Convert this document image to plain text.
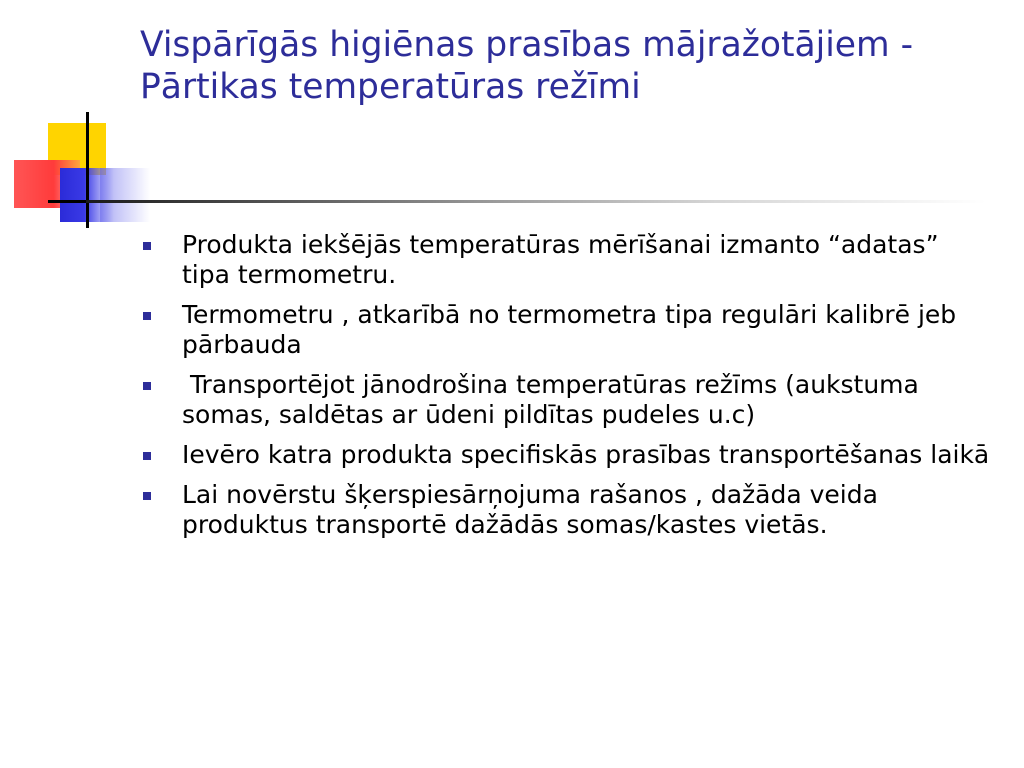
Vispārīgās higiēnas prasības mājražotājiem -Pārtikas temperatūras režīmi
Produkta iekšējās temperatūras mērīšanai izmanto “adatas” tipa termometru.
Termometru , atkarībā no termometra tipa regulāri kalibrē jeb pārbauda
Transportējot jānodrošina temperatūras režīms (aukstuma somas, saldētas ar ūdeni pildītas pudeles u.c)
Ievēro katra produkta specifiskās prasības transportēšanas laikā
Lai novērstu šķerspiesārņojuma rašanos , dažāda veida produktus transportē dažādās somas/kastes vietās.
